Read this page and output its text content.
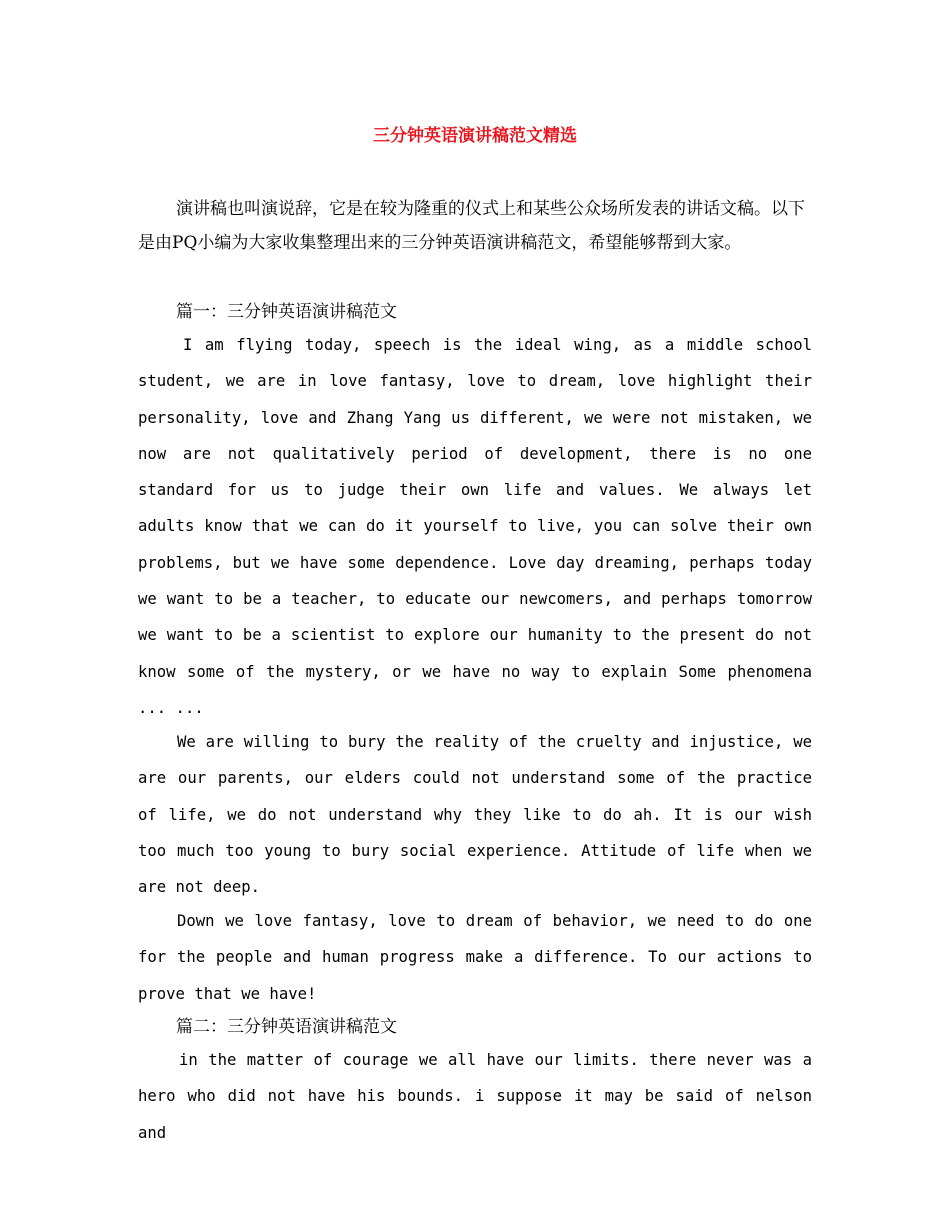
三分钟英语演讲稿范文精选

演讲稿也叫演说辞，它是在较为隆重的仪式上和某些公众场所发表的讲话文稿。以下是由PQ小编为大家收集整理出来的三分钟英语演讲稿范文，希望能够帮到大家。

篇一：三分钟英语演讲稿范文

I am flying today, speech is the ideal wing, as a middle school student, we are in love fantasy, love to dream, love highlight their personality, love and Zhang Yang us different, we were not mistaken, we now are not qualitatively period of development, there is no one standard for us to judge their own life and values. We always let adults know that we can do it yourself to live, you can solve their own problems, but we have some dependence. Love day dreaming, perhaps today we want to be a teacher, to educate our newcomers, and perhaps tomorrow we want to be a scientist to explore our humanity to the present do not know some of the mystery, or we have no way to explain Some phenomena ... ...

We are willing to bury the reality of the cruelty and injustice, we are our parents, our elders could not understand some of the practice of life, we do not understand why they like to do ah. It is our wish too much too young to bury social experience. Attitude of life when we are not deep.

Down we love fantasy, love to dream of behavior, we need to do one for the people and human progress make a difference. To our actions to prove that we have!

篇二：三分钟英语演讲稿范文

in the matter of courage we all have our limits. there never was a hero who did not have his bounds. i suppose it may be said of nelson and
